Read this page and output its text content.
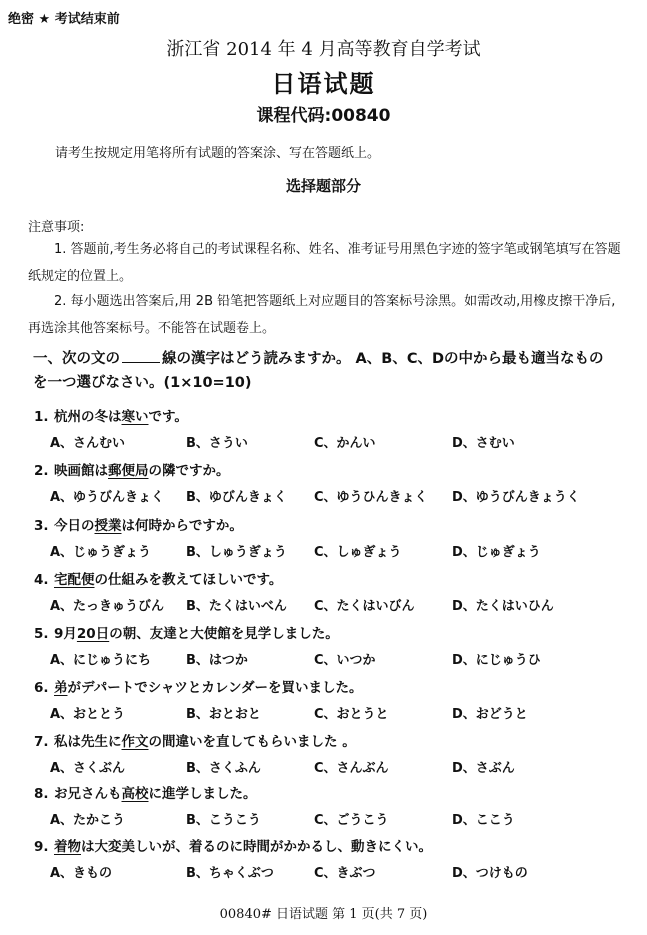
绝密 ★ 考试结束前
浙江省 2014 年 4 月高等教育自学考试
日语试题
课程代码:00840
请考生按规定用笔将所有试题的答案涂、写在答题纸上。
选择题部分
注意事项:
1. 答题前,考生务必将自己的考试课程名称、姓名、准考证号用黑色字迹的签字笔或钢笔填写在答题纸规定的位置上。
2. 每小题选出答案后,用 2B 铅笔把答题纸上对应题目的答案标号涂黑。如需改动,用橡皮擦干净后,再选涂其他答案标号。不能答在试题卷上。
一、次の文の	線の漢字はどう読みますか。 A、B、C、Dの中から最も適当なもの
を一つ選びなさい。(1×10=10)
1. 杭州の冬は寒いです。
A、さんむい	B、さうい	C、かんい	D、さむい
2. 映画館は郵便局の隣ですか。
A、ゆうびんきょく B、ゆびんきょく C、ゆうひんきょく D、ゆうびんきょうく
3. 今日の授業は何時からですか。
A、じゅうぎょう	B、しゅうぎょう C、しゅぎょう	D、じゅぎょう
4. 宅配便の仕組みを教えてほしいです。
A、たっきゅうびん B、たくはいべん C、たくはいびん	D、たくはいひん
5. 9月20日の朝、友達と大使館を見学しました。
A、にじゅうにち	B、はつか	C、いつか	D、にじゅうひ
6. 弟がデパートでシャツとカレンダーを買いました。
A、おととう	B、おとおと	C、おとうと	D、おどうと
7. 私は先生に作文の間違いを直してもらいました 。
A、さくぶん	B、さくふん	C、さんぶん	D、さぶん
8. お兄さんも高校に進学しました。
A、たかこう	B、こうこう	C、ごうこう	D、ここう
9. 着物は大変美しいが、着るのに時間がかかるし、動きにくい。
A、きもの	B、ちゃくぶつ	C、きぶつ	D、つけもの
00840# 日语试题 第 1 页(共 7 页)
